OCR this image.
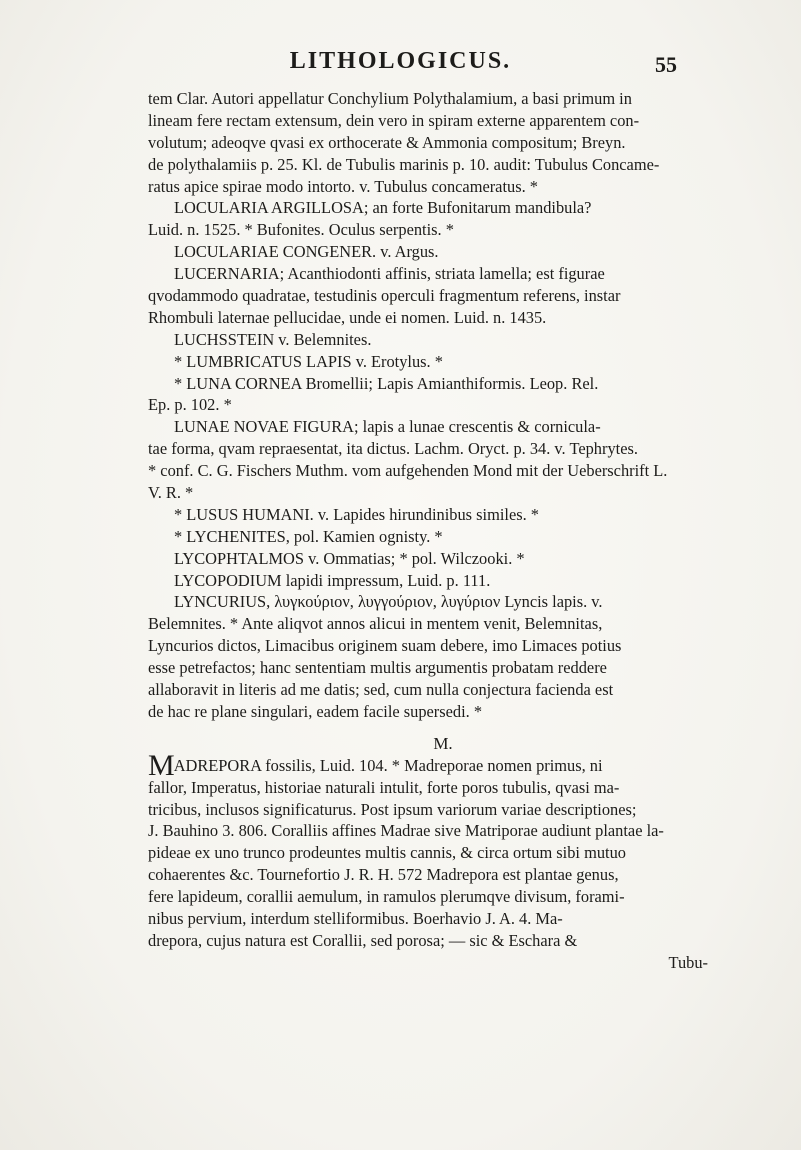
LITHOLOGICUS.	55
tem Clar. Autori appellatur Conchylium Polythalamium, a basi primum in
lineam fere rectam extensum, dein vero in spiram externe apparentem con-
volutum; adeoqve qvasi ex orthocerate & Ammonia compositum; Breyn.
de polythalamiis p. 25. Kl. de Tubulis marinis p. 10. audit: Tubulus Concame-
ratus apice spirae modo intorto. v. Tubulus concameratus. *
LOCULARIA ARGILLOSA; an forte Bufonitarum mandibula?
Luid. n. 1525. * Bufonites. Oculus serpentis. *
LOCULARIAE CONGENER. v. Argus.
LUCERNARIA; Acanthiodonti affinis, striata lamella; est figurae
qvodammodo quadratae, testudinis operculi fragmentum referens, instar
Rhombuli laternae pellucidae, unde ei nomen. Luid. n. 1435.
LUCHSSTEIN v. Belemnites.
* LUMBRICATUS LAPIS v. Erotylus. *
* LUNA CORNEA Bromellii; Lapis Amianthiformis. Leop. Rel.
Ep. p. 102. *
LUNAE NOVAE FIGURA; lapis a lunae crescentis & cornicula-
tae forma, qvam repraesentat, ita dictus. Lachm. Oryct. p. 34. v. Tephrytes.
* conf. C. G. Fischers Muthm. vom aufgehenden Mond mit der Ueberschrift L.
V. R. *
* LUSUS HUMANI. v. Lapides hirundinibus similes. *
* LYCHENITES, pol. Kamien ognisty. *
LYCOPHTALMOS v. Ommatias; * pol. Wilczooki. *
LYCOPODIUM lapidi impressum, Luid. p. 111.
LYNCURIUS, λυγκούριον, λυγγούριον, λυγύριον Lyncis lapis. v.
Belemnites. * Ante aliqvot annos alicui in mentem venit, Belemnitas,
Lyncurios dictos, Limacibus originem suam debere, imo Limaces potius
esse petrefactos; hanc sententiam multis argumentis probatam reddere
allaboravit in literis ad me datis; sed, cum nulla conjectura facienda est
de hac re plane singulari, eadem facile supersedi. *
M.
MADREPORA fossilis, Luid. 104. * Madreporae nomen primus, ni
fallor, Imperatus, historiae naturali intulit, forte poros tubulis, qvasi ma-
tricibus, inclusos significaturus. Post ipsum variorum variae descriptiones;
J. Bauhino 3. 806. Coralliis affines Madrae sive Matriporae audiunt plantae la-
pideae ex uno trunco prodeuntes multis cannis, & circa ortum sibi mutuo
cohaerentes &c. Tournefortio J. R. H. 572 Madrepora est plantae genus,
fere lapideum, corallii aemulum, in ramulos plerumqve divisum, forami-
nibus pervium, interdum stelliformibus. Boerhavio J. A. 4. Ma-
drepora, cujus natura est Corallii, sed porosa; — sic & Eschara &
Tubu-
